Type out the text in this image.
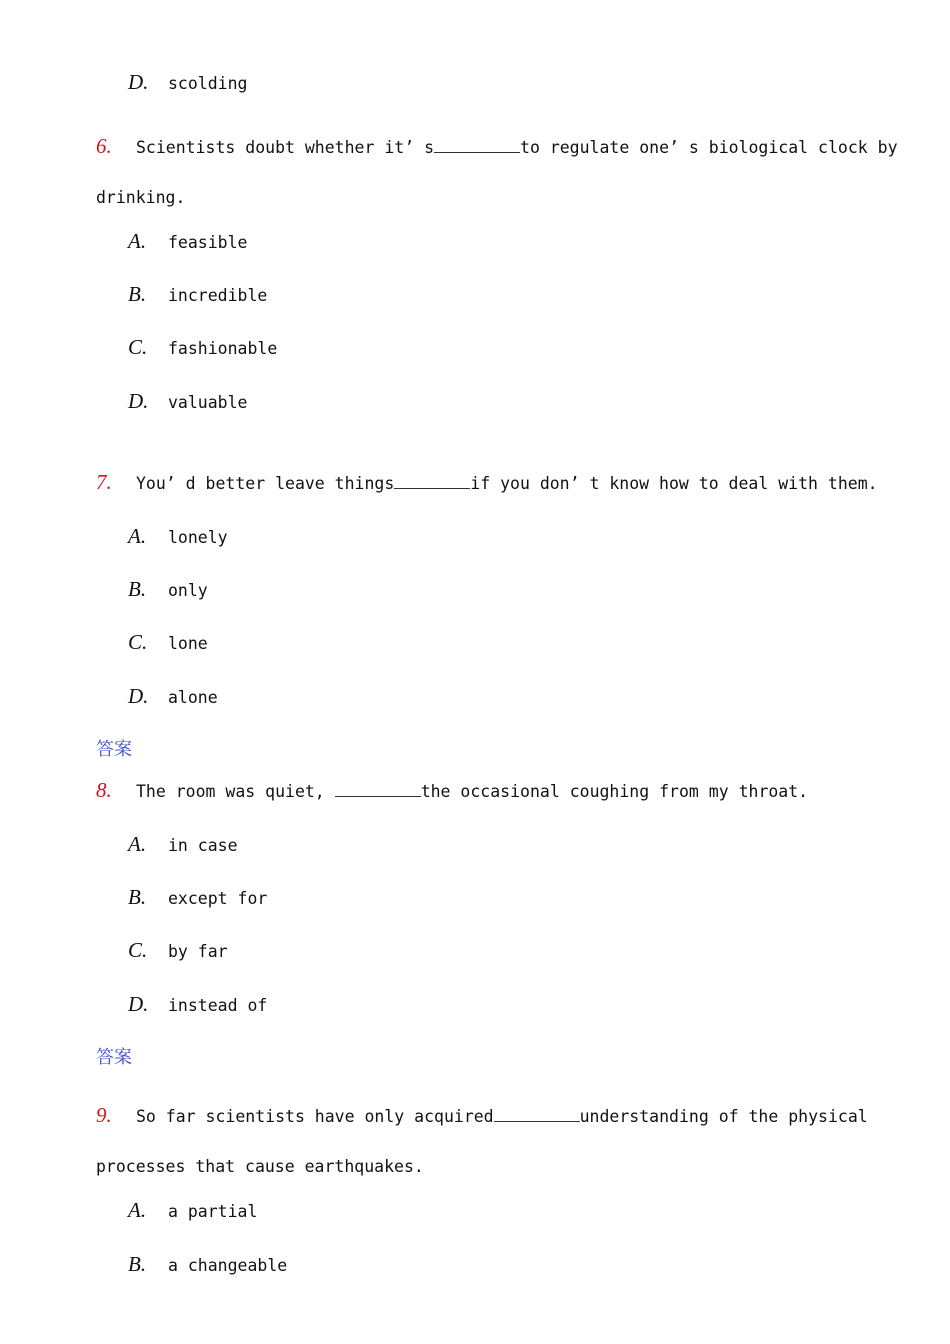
D.	scolding
6. Scientists doubt whether it’ s	to regulate one’ s biological clock by
drinking.
A.	feasible
B.	incredible
C.	fashionable
D.	valuable
7. You’ d better leave things	if you don’ t know how to deal with them.
A.	lonely
B.	only
C.	lone
D.	alone
答案
8. The room was quiet,	the occasional coughing from my throat.
A.	in case
B.	except for
C.	by far
D.	instead of
答案
9. So far scientists have only acquired	understanding of the physical
processes that cause earthquakes.
A.	a partial
B.	a changeable
